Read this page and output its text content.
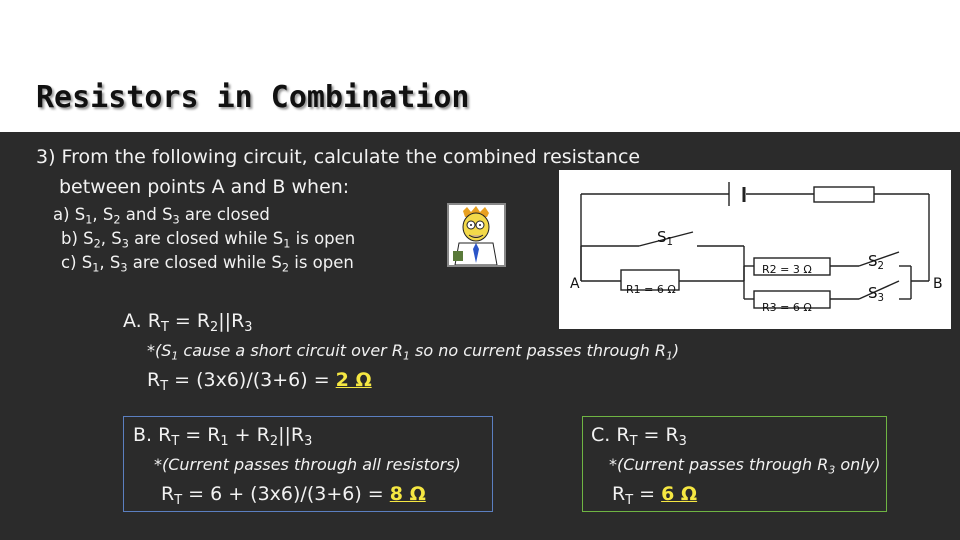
Resistors in Combination
3) From the following circuit, calculate the combined resistance
between points A and B when:
a) $S_1$, $S_2$ and $S_3$ are closed
b) $S_2$, $S_3$ are closed while $S_1$ is open
c) $S_1$, $S_3$ are closed while $S_2$ is open
$S_1$
$S_2$
$S_3$
R1 = 6 Ω
R2 = 3 Ω
R3 = 6 Ω
A	B
A. $R_T = R_2||R_3$
$*(S_1$ cause a short circuit over $R_1$ so no current passes through $R_1$)
$R_T = (3x6)/(3+6) = 2$ Ω
B. $R_T = R_1 + R_2||R_3$
*(Current passes through all resistors)
$R_T = 6 + (3x6)/(3+6) = 8$ Ω
C. $R_T = R_3$
*(Current passes through $R_3$ only)
$R_T = 6$ Ω
